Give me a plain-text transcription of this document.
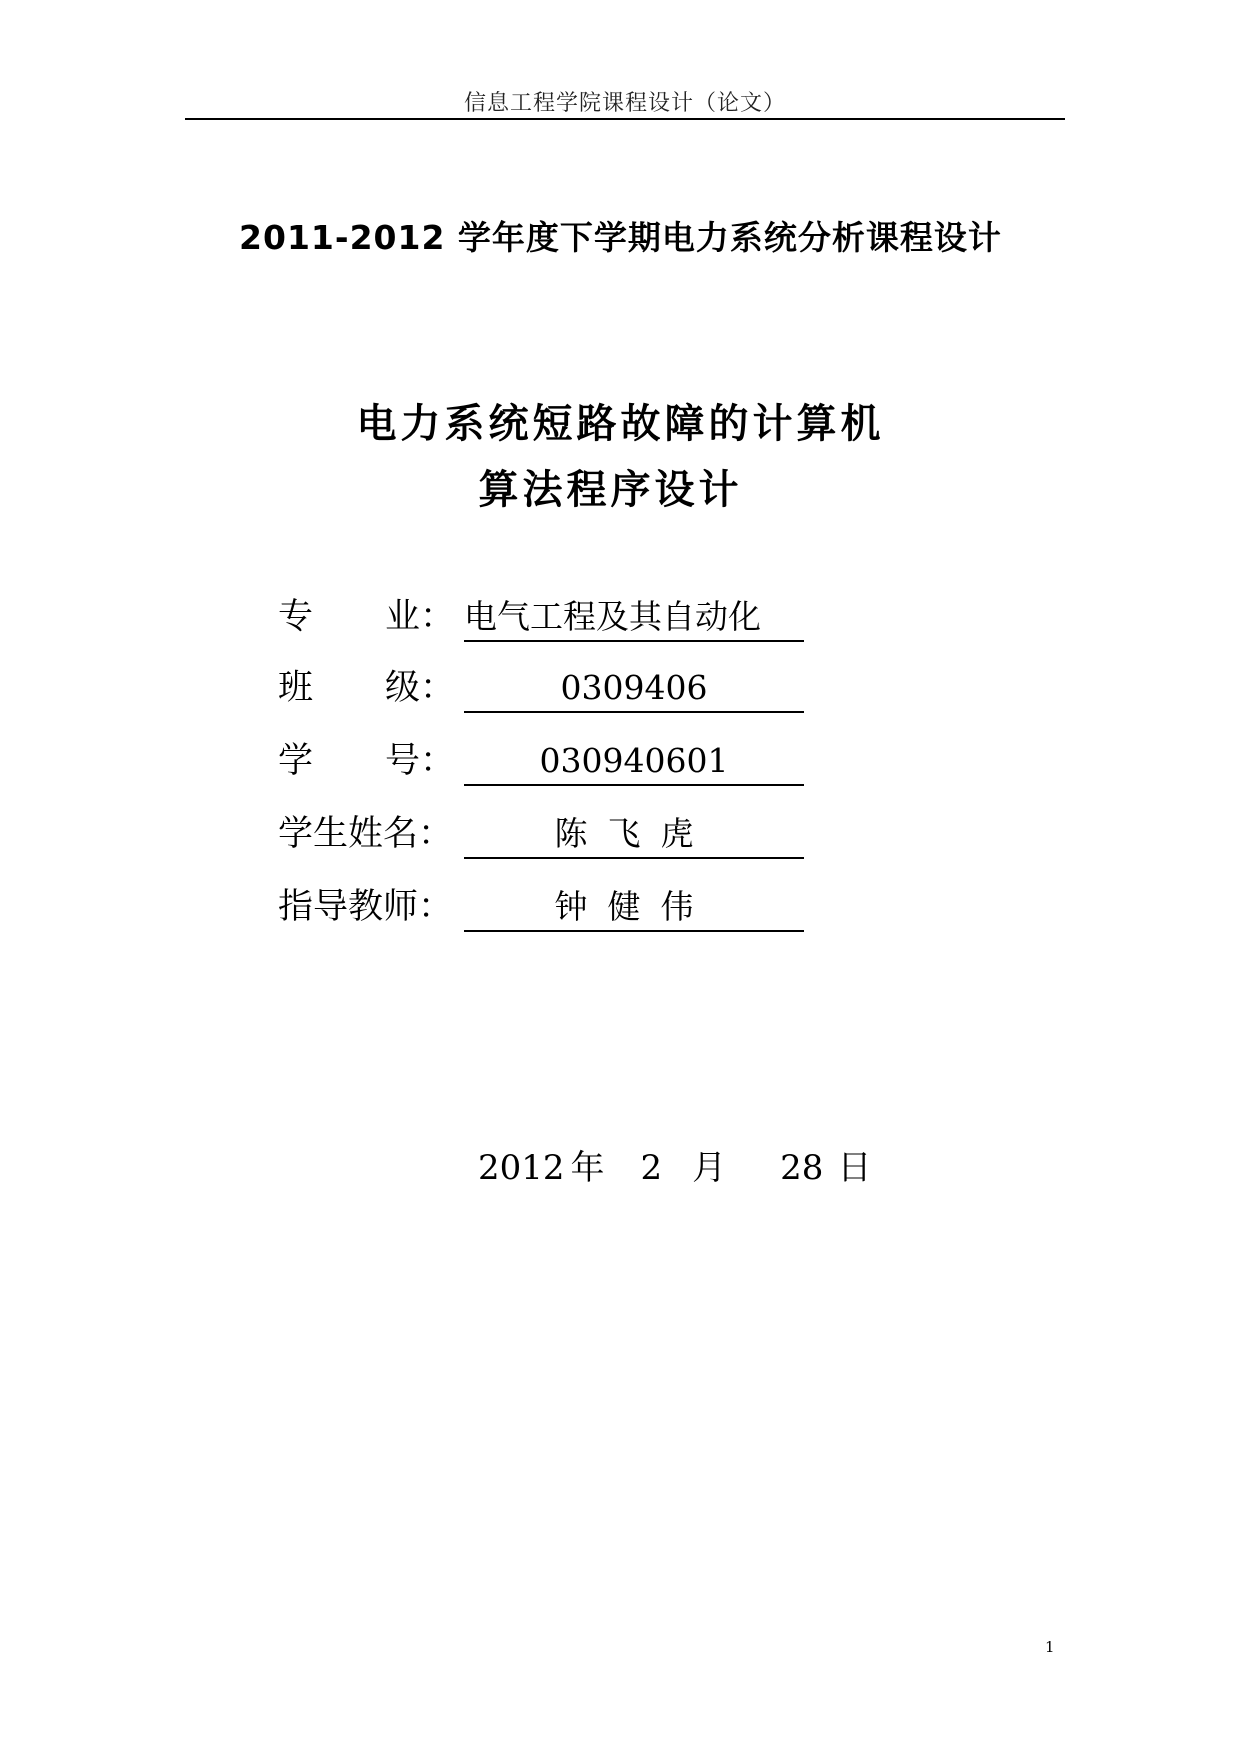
信息工程学院课程设计（论文）
2011-2012 学年度下学期电力系统分析课程设计
电力系统短路故障的计算机
算法程序设计
专 业： 电气工程及其自动化
班 级：	0309406
学 号：	030940601
学生姓名：	陈飞虎
指导教师：	钟健伟
2012 年 2 月 28 日
1
